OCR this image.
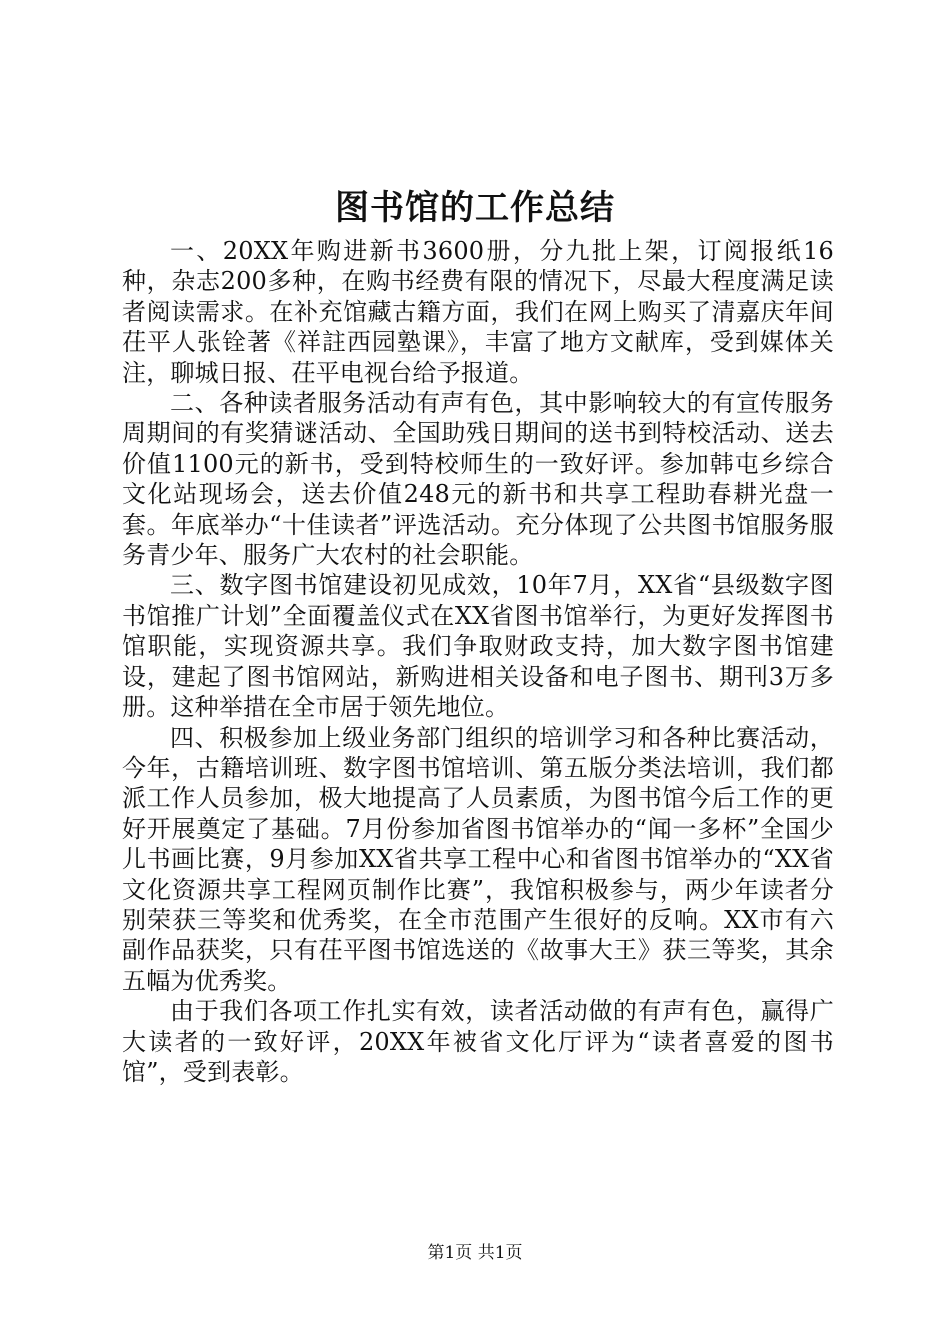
图书馆的工作总结

一、20XX年购进新书3600册，分九批上架，订阅报纸16种，杂志200多种，在购书经费有限的情况下，尽最大程度满足读者阅读需求。在补充馆藏古籍方面，我们在网上购买了清嘉庆年间茌平人张铨著《祥註西园塾课》，丰富了地方文献库，受到媒体关注，聊城日报、茌平电视台给予报道。

二、各种读者服务活动有声有色，其中影响较大的有宣传服务周期间的有奖猜谜活动、全国助残日期间的送书到特校活动、送去价值1100元的新书，受到特校师生的一致好评。参加韩屯乡综合文化站现场会，送去价值248元的新书和共享工程助春耕光盘一套。年底举办“十佳读者”评选活动。充分体现了公共图书馆服务服务青少年、服务广大农村的社会职能。

三、数字图书馆建设初见成效，10年7月，XX省“县级数字图书馆推广计划”全面覆盖仪式在XX省图书馆举行，为更好发挥图书馆职能，实现资源共享。我们争取财政支持，加大数字图书馆建设，建起了图书馆网站，新购进相关设备和电子图书、期刊3万多册。这种举措在全市居于领先地位。

四、积极参加上级业务部门组织的培训学习和各种比赛活动，今年，古籍培训班、数字图书馆培训、第五版分类法培训，我们都派工作人员参加，极大地提高了人员素质，为图书馆今后工作的更好开展奠定了基础。7月份参加省图书馆举办的“闻一多杯”全国少儿书画比赛，9月参加XX省共享工程中心和省图书馆举办的“XX省文化资源共享工程网页制作比赛”，我馆积极参与，两少年读者分别荣获三等奖和优秀奖，在全市范围产生很好的反响。XX市有六副作品获奖，只有茌平图书馆选送的《故事大王》获三等奖，其余五幅为优秀奖。

由于我们各项工作扎实有效，读者活动做的有声有色，赢得广大读者的一致好评，20XX年被省文化厅评为“读者喜爱的图书馆”，受到表彰。

第1页 共1页
